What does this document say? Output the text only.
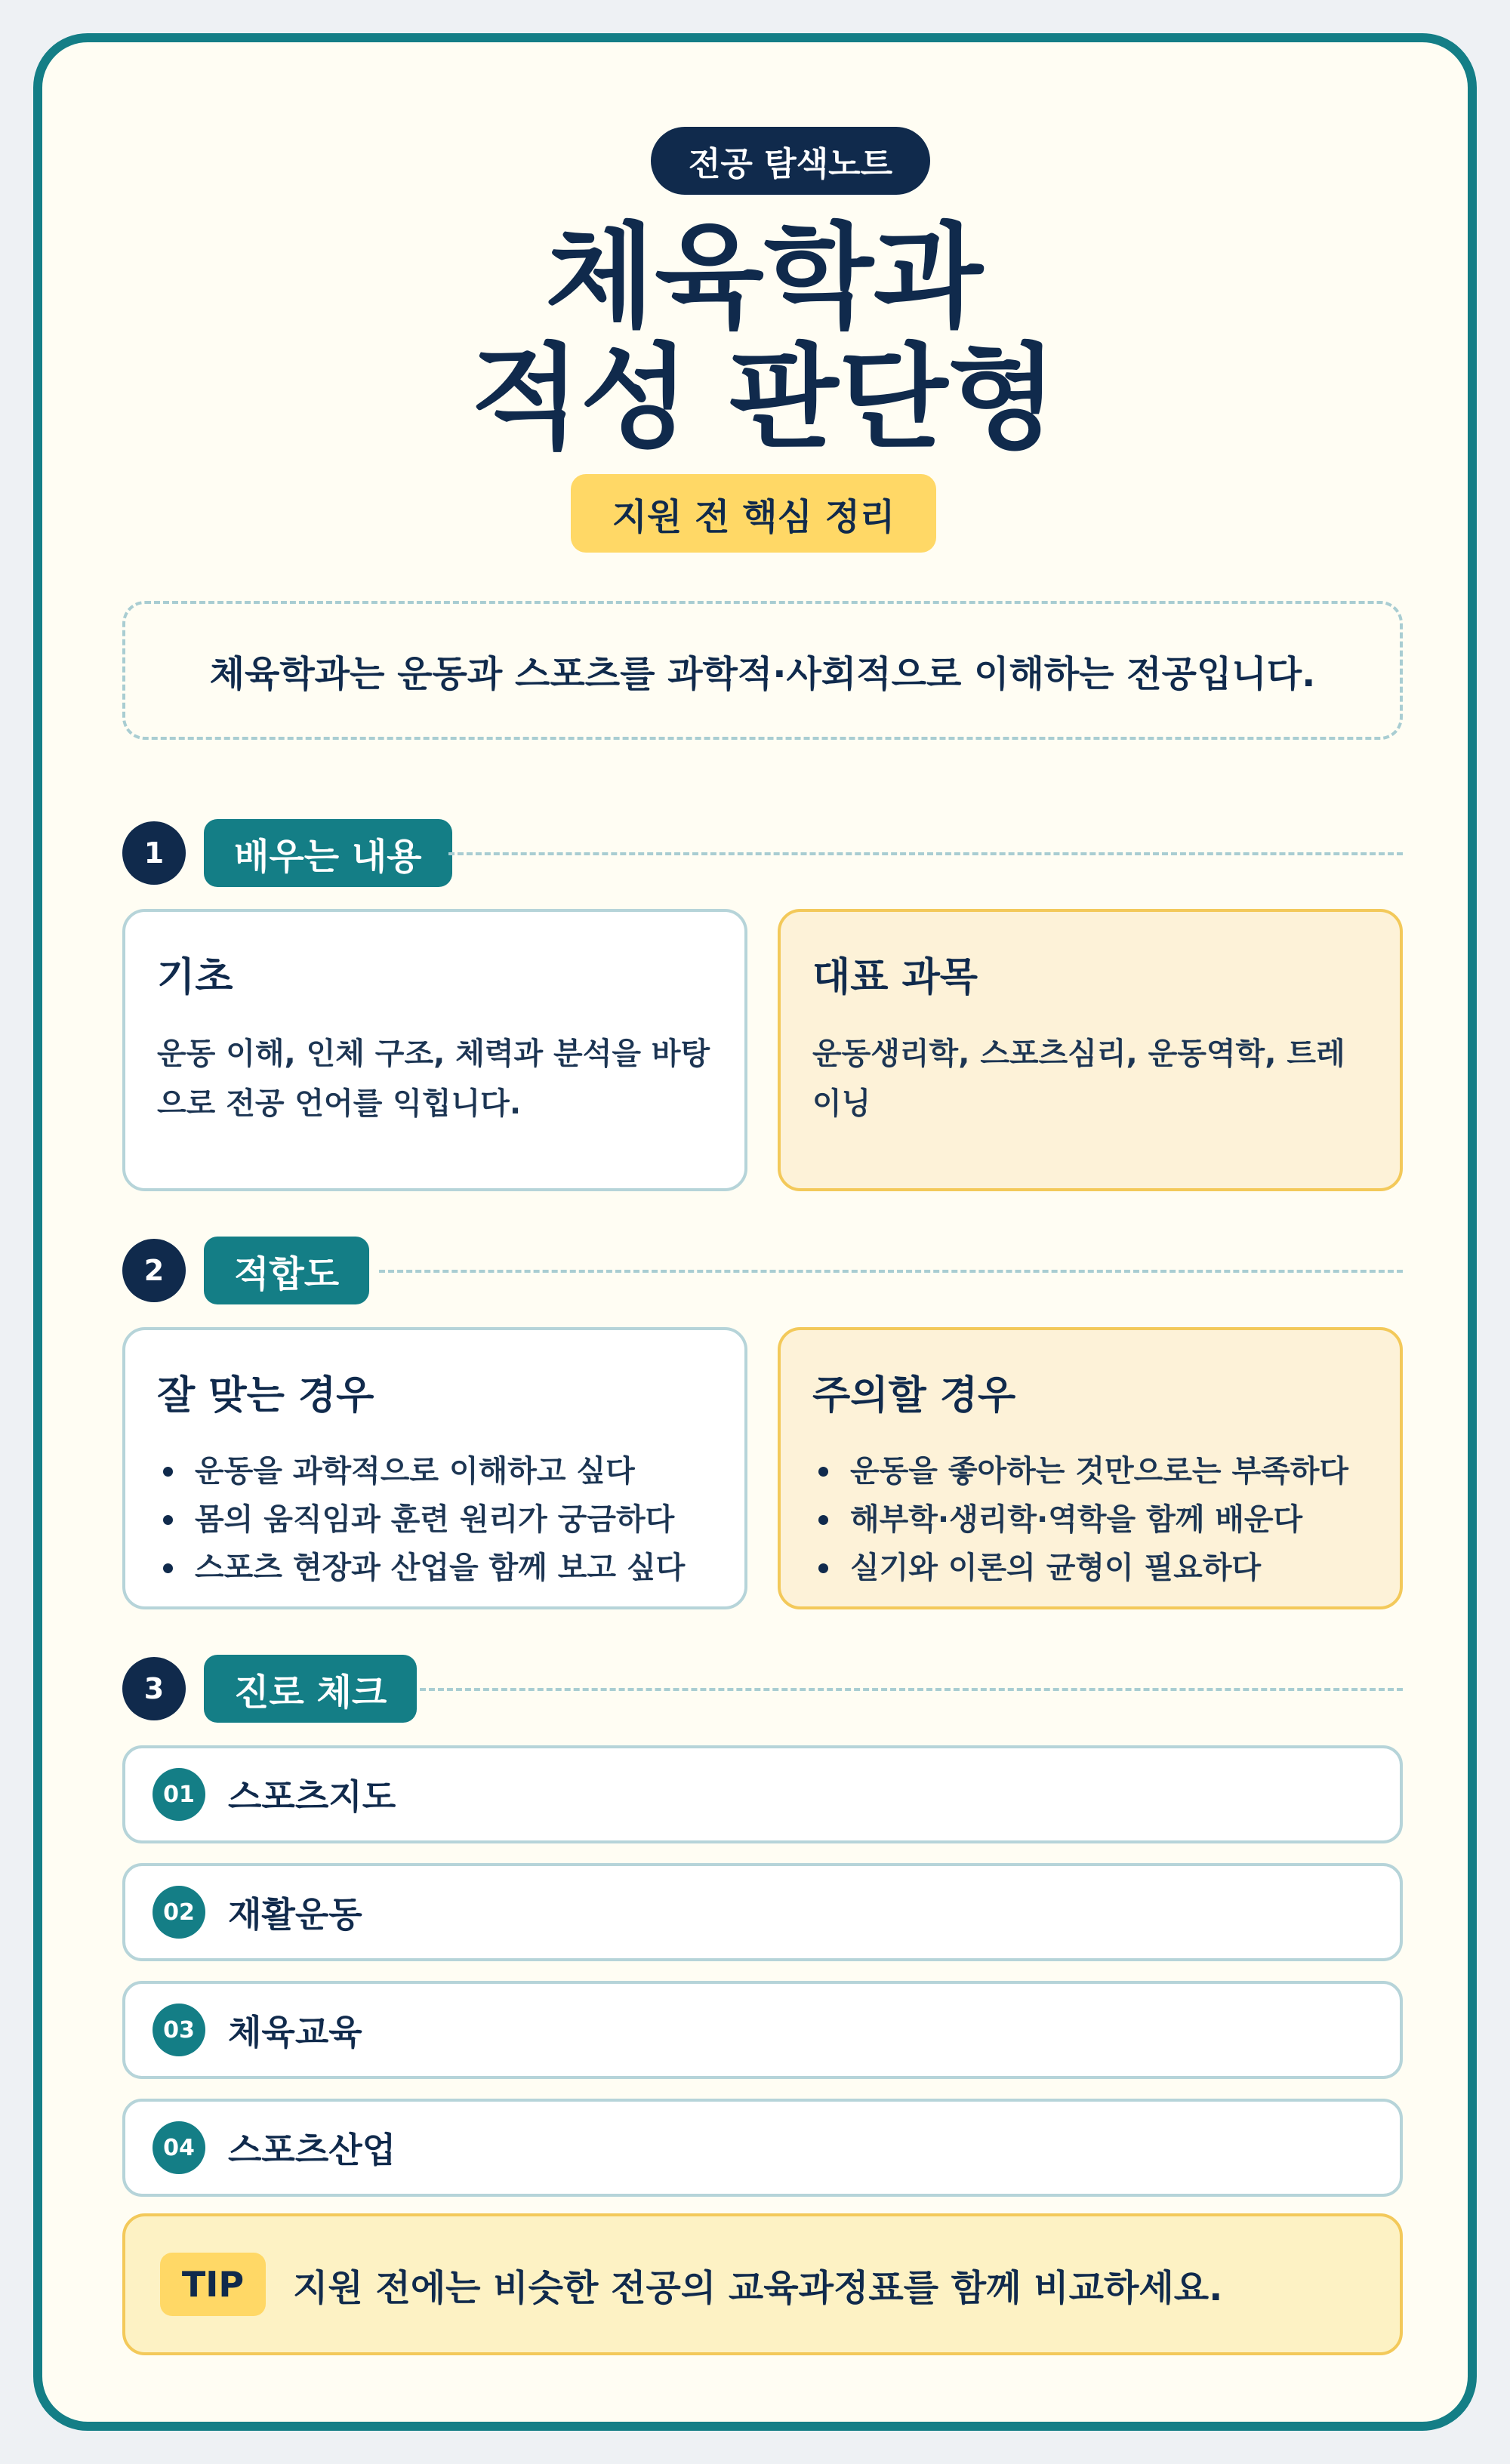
전공 탐색노트
체육학과
적성 판단형
지원 전 핵심 정리
체육학과는 운동과 스포츠를 과학적·사회적으로 이해하는 전공입니다.
1	배우는 내용
기초
운동 이해, 인체 구조, 체력과 분석을 바탕으로 전공 언어를 익힙니다.
대표 과목
운동생리학, 스포츠심리, 운동역학, 트레이닝
2	적합도
잘 맞는 경우
운동을 과학적으로 이해하고 싶다
몸의 움직임과 훈련 원리가 궁금하다
스포츠 현장과 산업을 함께 보고 싶다
주의할 경우
운동을 좋아하는 것만으로는 부족하다
해부학·생리학·역학을 함께 배운다
실기와 이론의 균형이 필요하다
3	진로 체크
01 스포츠지도
02 재활운동
03 체육교육
04 스포츠산업
TIP	지원 전에는 비슷한 전공의 교육과정표를 함께 비교하세요.
